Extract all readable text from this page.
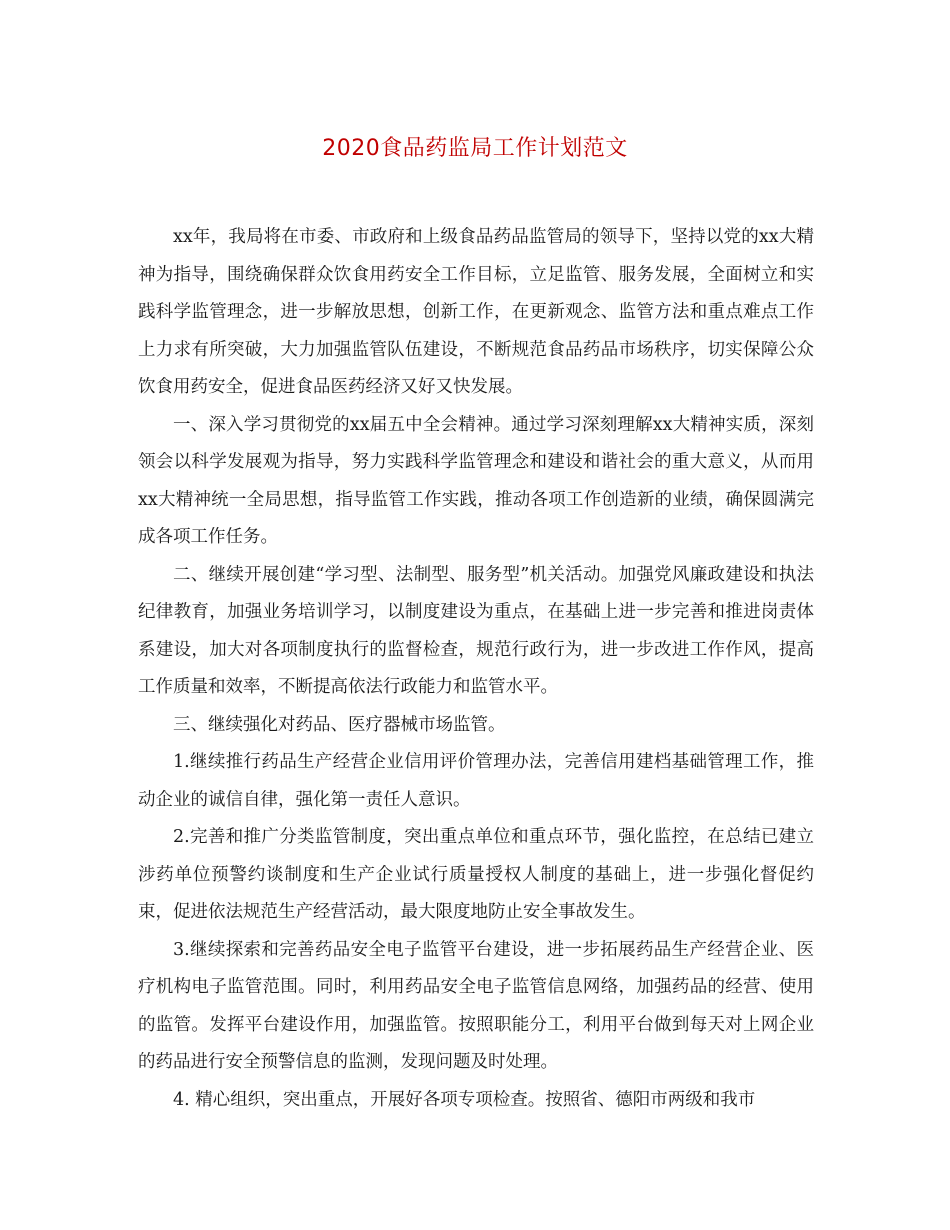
2020食品药监局工作计划范文

xx年，我局将在市委、市政府和上级食品药品监管局的领导下，坚持以党的xx大精神为指导，围绕确保群众饮食用药安全工作目标，立足监管、服务发展，全面树立和实践科学监管理念，进一步解放思想，创新工作，在更新观念、监管方法和重点难点工作上力求有所突破，大力加强监管队伍建设，不断规范食品药品市场秩序，切实保障公众饮食用药安全，促进食品医药经济又好又快发展。

一、深入学习贯彻党的xx届五中全会精神。通过学习深刻理解xx大精神实质，深刻领会以科学发展观为指导，努力实践科学监管理念和建设和谐社会的重大意义，从而用xx大精神统一全局思想，指导监管工作实践，推动各项工作创造新的业绩，确保圆满完成各项工作任务。

二、继续开展创建“学习型、法制型、服务型”机关活动。加强党风廉政建设和执法纪律教育，加强业务培训学习，以制度建设为重点，在基础上进一步完善和推进岗责体系建设，加大对各项制度执行的监督检查，规范行政行为，进一步改进工作作风，提高工作质量和效率，不断提高依法行政能力和监管水平。

三、继续强化对药品、医疗器械市场监管。

1.继续推行药品生产经营企业信用评价管理办法，完善信用建档基础管理工作，推动企业的诚信自律，强化第一责任人意识。

2.完善和推广分类监管制度，突出重点单位和重点环节，强化监控，在总结已建立涉药单位预警约谈制度和生产企业试行质量授权人制度的基础上，进一步强化督促约束，促进依法规范生产经营活动，最大限度地防止安全事故发生。

3.继续探索和完善药品安全电子监管平台建设，进一步拓展药品生产经营企业、医疗机构电子监管范围。同时，利用药品安全电子监管信息网络，加强药品的经营、使用的监管。发挥平台建设作用，加强监管。按照职能分工，利用平台做到每天对上网企业的药品进行安全预警信息的监测，发现问题及时处理。

4. 精心组织，突出重点，开展好各项专项检查。按照省、德阳市两级和我市
